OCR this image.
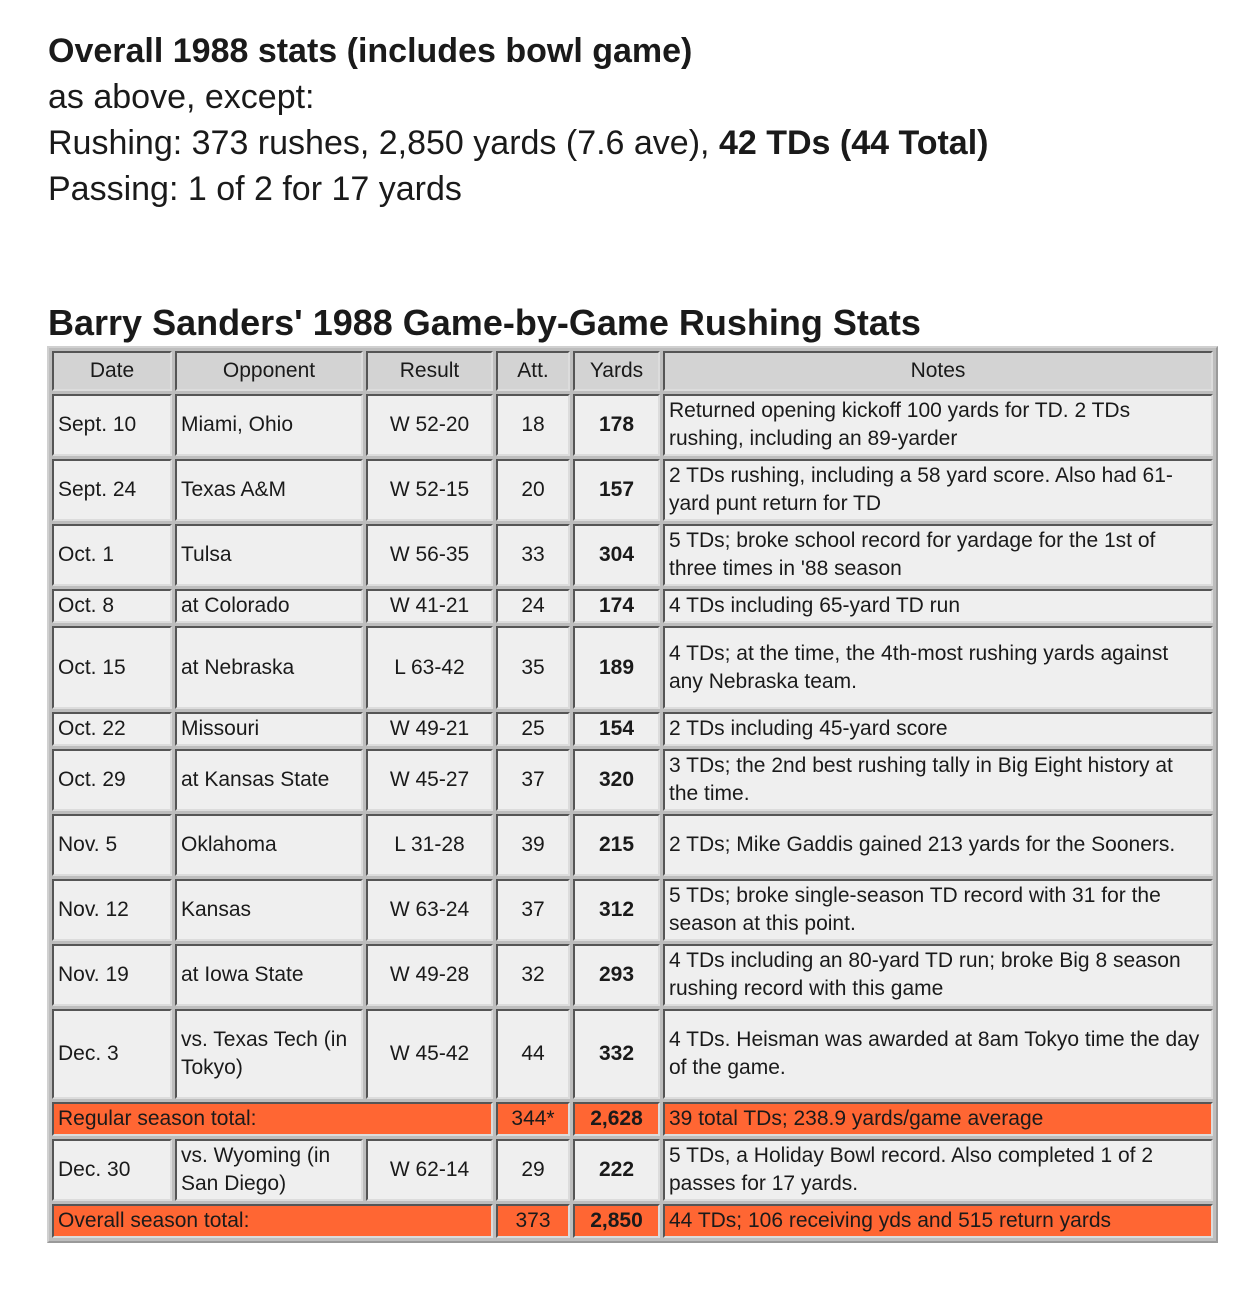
Overall 1988 stats (includes bowl game)
as above, except:
Rushing: 373 rushes, 2,850 yards (7.6 ave), 42 TDs (44 Total)
Passing: 1 of 2 for 17 yards
Barry Sanders' 1988 Game-by-Game Rushing Stats
Date	Opponent	Result	Att.	Yards	Notes
Sept. 10	Miami, Ohio	W 52-20	18	178	Returned opening kickoff 100 yards for TD. 2 TDs rushing, including an 89-yarder
Sept. 24	Texas A&M	W 52-15	20	157	2 TDs rushing, including a 58 yard score. Also had 61-yard punt return for TD
Oct. 1	Tulsa	W 56-35	33	304	5 TDs; broke school record for yardage for the 1st of three times in '88 season
Oct. 8	at Colorado	W 41-21	24	174	4 TDs including 65-yard TD run
Oct. 15	at Nebraska	L 63-42	35	189	4 TDs; at the time, the 4th-most rushing yards against any Nebraska team.
Oct. 22	Missouri	W 49-21	25	154	2 TDs including 45-yard score
Oct. 29	at Kansas State	W 45-27	37	320	3 TDs; the 2nd best rushing tally in Big Eight history at the time.
Nov. 5	Oklahoma	L 31-28	39	215	2 TDs; Mike Gaddis gained 213 yards for the Sooners.
Nov. 12	Kansas	W 63-24	37	312	5 TDs; broke single-season TD record with 31 for the season at this point.
Nov. 19	at Iowa State	W 49-28	32	293	4 TDs including an 80-yard TD run; broke Big 8 season rushing record with this game
Dec. 3	vs. Texas Tech (in Tokyo)	W 45-42	44	332	4 TDs. Heisman was awarded at 8am Tokyo time the day of the game.
Regular season total:			344*	2,628	39 total TDs; 238.9 yards/game average
Dec. 30	vs. Wyoming (in San Diego)	W 62-14	29	222	5 TDs, a Holiday Bowl record. Also completed 1 of 2 passes for 17 yards.
Overall season total:			373	2,850	44 TDs; 106 receiving yds and 515 return yards
